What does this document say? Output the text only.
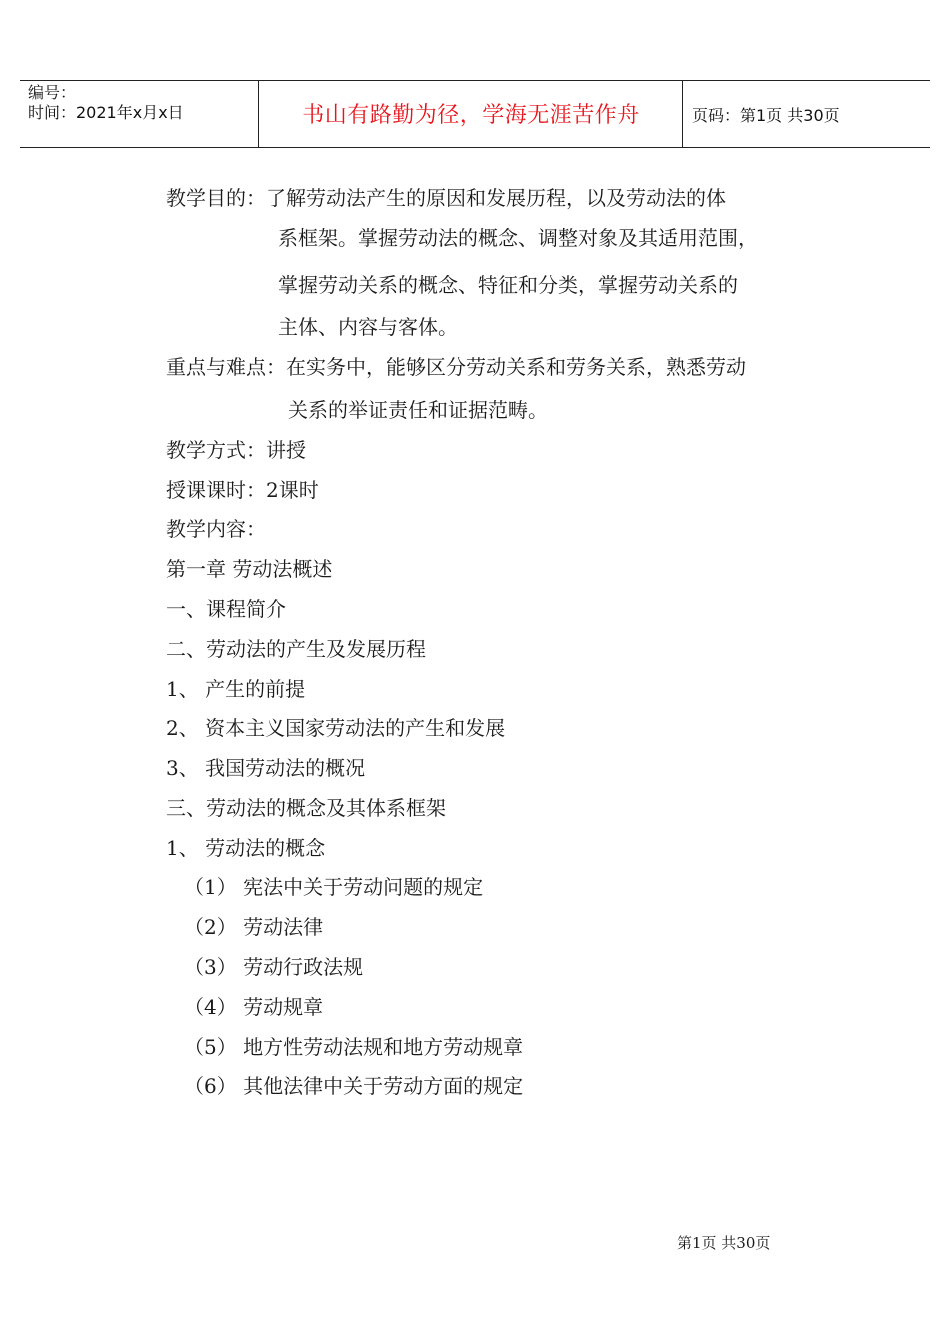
编号：
时间：2021年x月x日	书山有路勤为径，学海无涯苦作舟	页码：第1页 共30页
教学目的：了解劳动法产生的原因和发展历程，以及劳动法的体
系框架。掌握劳动法的概念、调整对象及其适用范围，
掌握劳动关系的概念、特征和分类，掌握劳动关系的
主体、内容与客体。
重点与难点：在实务中，能够区分劳动关系和劳务关系，熟悉劳动
关系的举证责任和证据范畴。
教学方式：讲授
授课课时：2课时
教学内容：
第一章 劳动法概述
一、课程简介
二、劳动法的产生及发展历程
1、 产生的前提
2、 资本主义国家劳动法的产生和发展
3、 我国劳动法的概况
三、劳动法的概念及其体系框架
1、 劳动法的概念
（1） 宪法中关于劳动问题的规定
（2） 劳动法律
（3） 劳动行政法规
（4） 劳动规章
（5） 地方性劳动法规和地方劳动规章
（6） 其他法律中关于劳动方面的规定
第1页 共30页
